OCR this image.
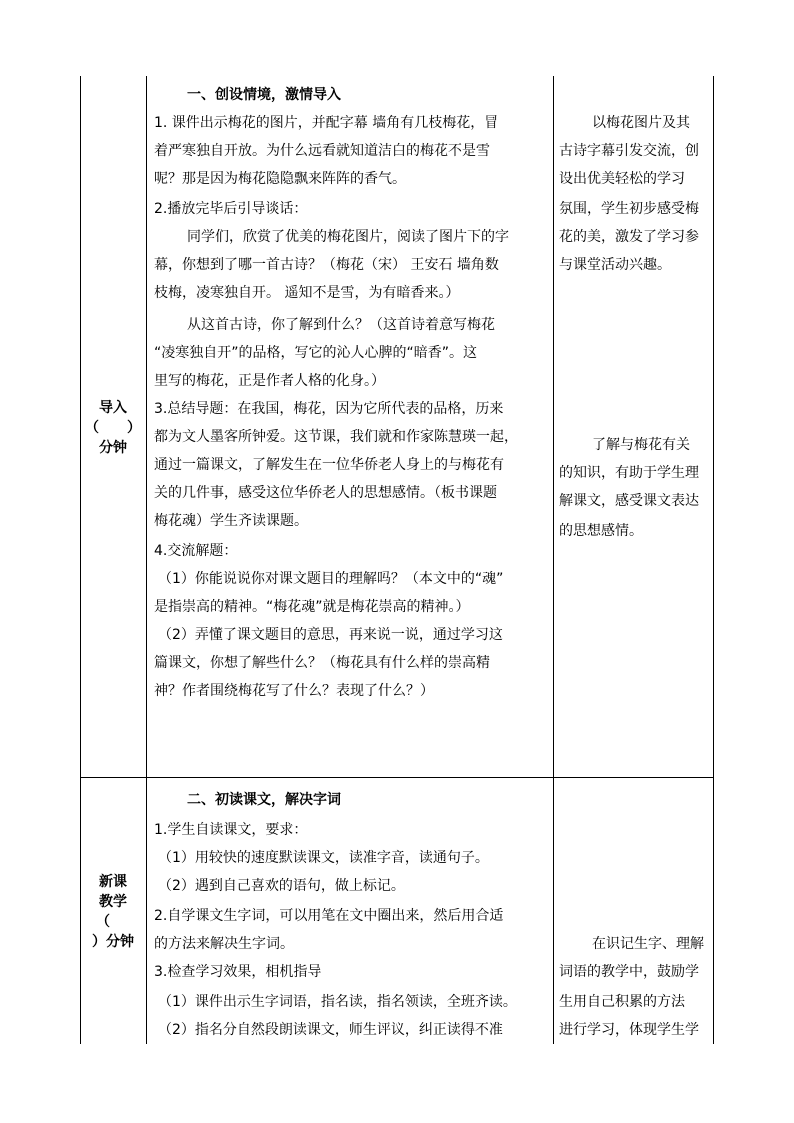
导入
（　　）
分钟
一、创设情境，激情导入
1. 课件出示梅花的图片，并配字幕 墙角有几枝梅花，冒
着严寒独自开放。为什么远看就知道洁白的梅花不是雪
呢？那是因为梅花隐隐飘来阵阵的香气。
2.播放完毕后引导谈话：
同学们，欣赏了优美的梅花图片，阅读了图片下的字
幕，你想到了哪一首古诗？（梅花（宋） 王安石 墙角数
枝梅，凌寒独自开。 遥知不是雪，为有暗香来。）
从这首古诗，你了解到什么？（这首诗着意写梅花
“凌寒独自开”的品格，写它的沁人心脾的“暗香”。这
里写的梅花，正是作者人格的化身。）
3.总结导题：在我国，梅花，因为它所代表的品格，历来
都为文人墨客所钟爱。这节课，我们就和作家陈慧瑛一起，
通过一篇课文，了解发生在一位华侨老人身上的与梅花有
关的几件事，感受这位华侨老人的思想感情。（板书课题
梅花魂）学生齐读课题。
4.交流解题：
（1）你能说说你对课文题目的理解吗？（本文中的“魂”
是指崇高的精神。“梅花魂”就是梅花崇高的精神。）
（2）弄懂了课文题目的意思，再来说一说，通过学习这
篇课文，你想了解些什么？（梅花具有什么样的崇高精
神？作者围绕梅花写了什么？表现了什么？）
以梅花图片及其
古诗字幕引发交流，创
设出优美轻松的学习
氛围，学生初步感受梅
花的美，激发了学习参
与课堂活动兴趣。
了解与梅花有关
的知识，有助于学生理
解课文，感受课文表达
的思想感情。
新课
教学
（
）分钟
二、初读课文，解决字词
1.学生自读课文，要求：
（1）用较快的速度默读课文，读准字音，读通句子。
（2）遇到自己喜欢的语句，做上标记。
2.自学课文生字词，可以用笔在文中圈出来，然后用合适
的方法来解决生字词。
3.检查学习效果，相机指导
（1）课件出示生字词语，指名读，指名领读，全班齐读。
（2）指名分自然段朗读课文，师生评议，纠正读得不准
在识记生字、理解
词语的教学中，鼓励学
生用自己积累的方法
进行学习，体现学生学
